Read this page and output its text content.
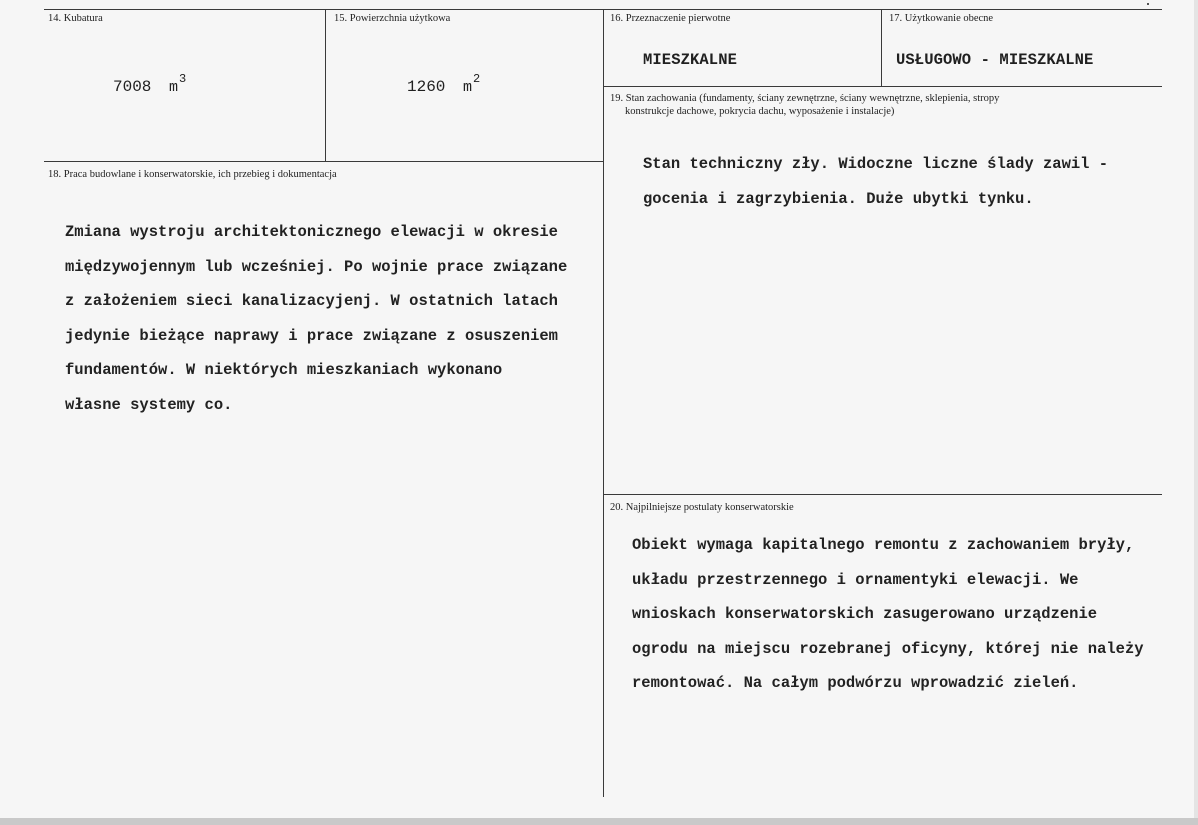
14. Kubatura
7008 $m^3$
15. Powierzchnia użytkowa
1260 $m^2$
16. Przeznaczenie pierwotne
MIESZKALNE
17. Użytkowanie obecne
USŁUGOWO - MIESZKALNE
19. Stan zachowania (fundamenty, ściany zewnętrzne, ściany wewnętrzne, sklepienia, stropy
konstrukcje dachowe, pokrycia dachu, wyposażenie i instalacje)
Stan techniczny zły. Widoczne liczne ślady zawil -
gocenia i zagrzybienia. Duże ubytki tynku.
18. Praca budowlane i konserwatorskie, ich przebieg i dokumentacja
Zmiana wystroju architektonicznego elewacji w okresie
międzywojennym lub wcześniej. Po wojnie prace związane
z założeniem sieci kanalizacyjenj. W ostatnich latach
jedynie bieżące naprawy i prace związane z osuszeniem
fundamentów. W niektórych mieszkaniach wykonano
własne systemy co.
20. Najpilniejsze postulaty konserwatorskie
Obiekt wymaga kapitalnego remontu z zachowaniem bryły,
układu przestrzennego i ornamentyki elewacji. We
wnioskach konserwatorskich zasugerowano urządzenie
ogrodu na miejscu rozebranej oficyny, której nie należy
remontować. Na całym podwórzu wprowadzić zieleń.
